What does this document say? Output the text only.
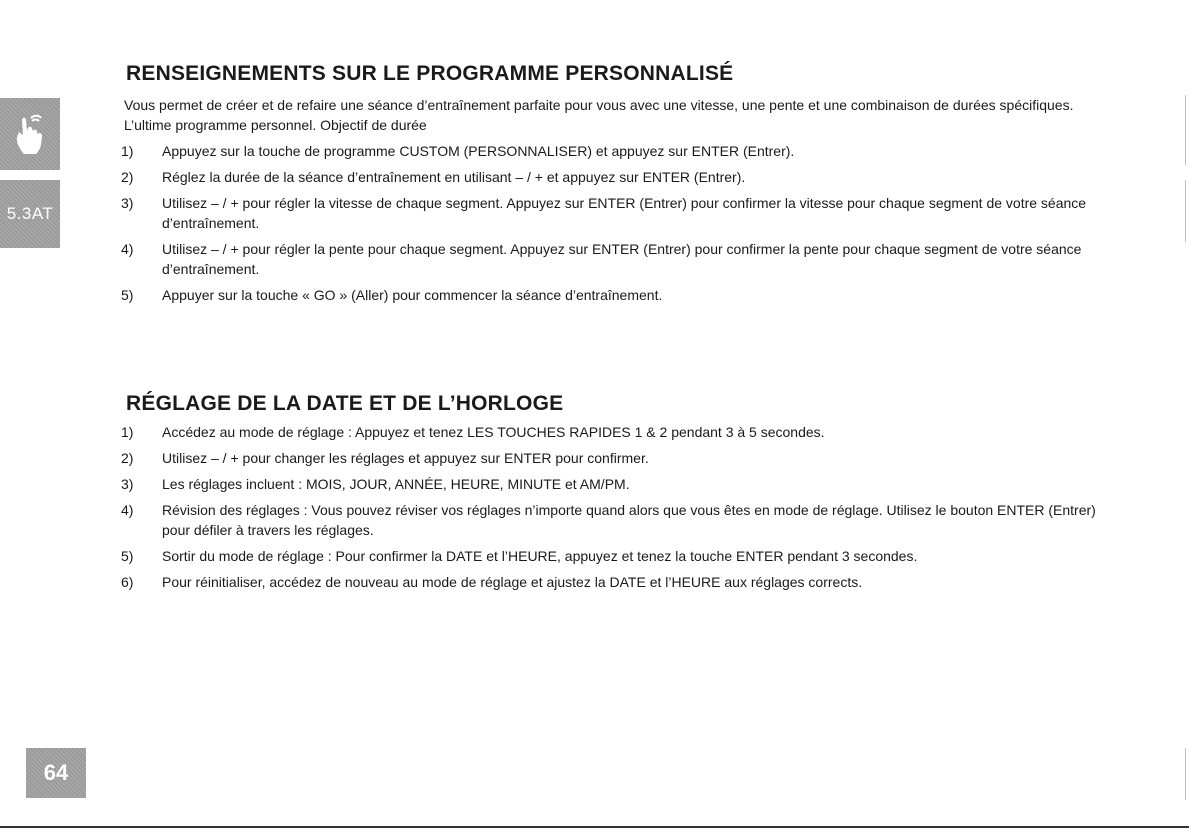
5.3AT
64
RENSEIGNEMENTS SUR LE PROGRAMME PERSONNALISÉ

Vous permet de créer et de refaire une séance d’entraînement parfaite pour vous avec une vitesse, une pente et une combinaison de durées spécifiques. L’ultime programme personnel. Objectif de durée

1) Appuyez sur la touche de programme CUSTOM (PERSONNALISER) et appuyez sur ENTER (Entrer).
2) Réglez la durée de la séance d’entraînement en utilisant – / + et appuyez sur ENTER (Entrer).
3) Utilisez – / + pour régler la vitesse de chaque segment. Appuyez sur ENTER (Entrer) pour confirmer la vitesse pour chaque segment de votre séance d’entraînement.
4) Utilisez – / + pour régler la pente pour chaque segment. Appuyez sur ENTER (Entrer) pour confirmer la pente pour chaque segment de votre séance d’entraînement.
5) Appuyer sur la touche « GO » (Aller) pour commencer la séance d’entraînement.
RÉGLAGE DE LA DATE ET DE L’HORLOGE
1) Accédez au mode de réglage : Appuyez et tenez LES TOUCHES RAPIDES 1 & 2 pendant 3 à 5 secondes.
2) Utilisez – / + pour changer les réglages et appuyez sur ENTER pour confirmer.
3) Les réglages incluent : MOIS, JOUR, ANNÉE, HEURE, MINUTE et AM/PM.
4) Révision des réglages : Vous pouvez réviser vos réglages n’importe quand alors que vous êtes en mode de réglage. Utilisez le bouton ENTER (Entrer) pour défiler à travers les réglages.
5) Sortir du mode de réglage : Pour confirmer la DATE et l’HEURE, appuyez et tenez la touche ENTER pendant 3 secondes.
6) Pour réinitialiser, accédez de nouveau au mode de réglage et ajustez la DATE et l’HEURE aux réglages corrects.
